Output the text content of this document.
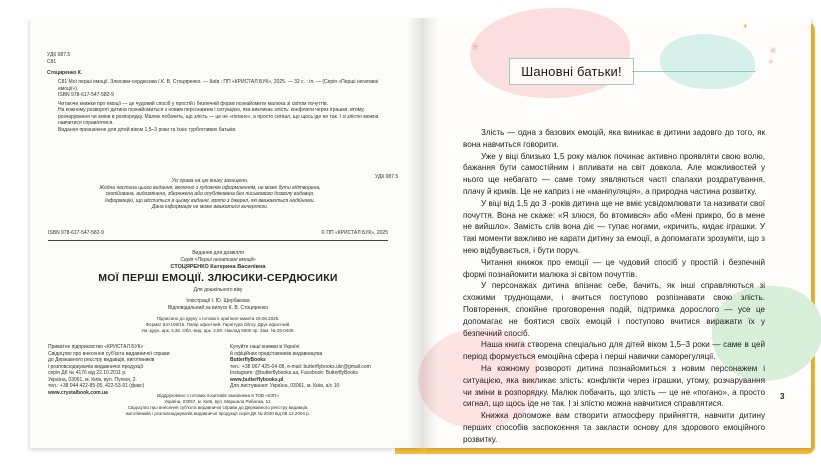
✳	✳
✳
✦

УДК 087.5

С81

Стоцяренко К.

С81 Мої перші емоції. Злюсики-сердюсики / К. В. Стоцяренко. — Київ : ПП «КРИСТАЛ БУК», 2025. — 32 с. : іл. — (Серія «Перші негативні емоції»).

ISBN 978-617-547-582-9

Читаючи книжки про емоції — це чудовий спосіб у простій і безпечній формі познайомити малюка зі світом почуттів.

На кожному розвороті дитина познайомиться з новим персонажем і ситуацією, яка викликає злість: конфлікти через іграшки, втому, розчарування чи зміни в розпорядку. Малюк побачить, що злість — це не «погано», а просто сигнал, що щось іде не так. І зі злістю можна навчитися справлятися.

Видання призначене для дітей віком 1,5–3 роки та їхніх турботливих батьків.

УДК 087.5

Усі права на цю книгу захищено.

Жодна частина цього видання, включно з художнім оформленням, не може бути відтворена,

скопійована, видозмінена, збережена або опублікована без письмового дозволу видавця.

Інформацію, що міститься в цьому виданні, взято з джерел, які вважаються надійними.

Дана інформація не може вважатися вичерпною.

ISBN 978-617-547-582-9	© ПП «КРИСТАЛ БУК», 2025

Видання для дозвілля

Серія «Перші негативні емоції»

СТОЦЯРЕНКО Катерина Василівна
МОЇ ПЕРШІ ЕМОЦІЇ. ЗЛЮСИКИ-СЕРДЮСИКИ
Для дошкільного віку

Ілюстрації І. Ю. Щербакова

Відповідальний за випуск К. В. Стоцяренко

Підписано до друку з готового оригінал-макета 19.06.2025.

Формат 84×108/16. Папір офсетний. Гарнітура Gilroy. Друк офсетний.

Ум.-друк. арк. 3,36. Обл.-вид. арк. 2,50. Наклад 5000 пр. Зам. № 25-0405.

Приватне підприємство «КРИСТАЛ БУК»

Свідоцтво про внесення суб'єкта видавничої справи

до Державного реєстру видавців, виготівників

і розповсюджувачів видавничої продукції

серія ДК № 4176 від 22.10.2011 р.

Україна, 03061, м. Київ, вул. Пулюя, 2.

тел.: +38 044 422-85-05, 422-53-91 (факс)

www.crystalbook.com.ua

Купуйте наші книжки в Україні

й офіційних представників видавництва

ButterflyBooks

тел.: +38 067 425-04-08, e-mail: butterflybooks.ukr@gmail.com

Instagram: @butterflybooks.ua, Facebook: ButterflyBooks

www.butterflybooks.pl

Для листування: Україна, 03061, м. Київ, а/с 10

Віддруковано з готових позитивів замовника в ТОВ «КЗП»

Україна, 03057, м. Київ, вул. Маршала Рибалка, 11.

Свідоцтво про внесення суб'єкта видавничої справи до Державного реєстру видавців,

виготівників і розповсюджувачів видавничої продукції серія ДК № 2040 від 08.12.2004 р.

Шановні батьки!

Злість — одна з базових емоцій, яка виникає в дитини задовго до того, як вона навчиться говорити.

Уже у віці близько 1,5 року малюк починає активно проявляти свою волю, бажання бути самостійним і впливати на світ довкола. Але можливостей у нього ще небагато — саме тому зявляються часті спалахи роздратування, плачу й криків. Це не каприз і не «маніпуляція», а природна частина розвитку.

У віці від 1,5 до 3 -років дитина ще не вміє усвідомлювати та називати свої почуття. Вона не скаже: «Я злюся, бо втомився» або «Мені прикро, бо в мене не вийшло». Замість слів вона діє — тупає ногами, «кричить, кидає іграшки. У такі моменти важливо не карати дитину за емоції, а допомагати зрозуміти, що з нею відбувається, і бути поруч.

Читання книжок про емоції — це чудовий спосіб у простій і безпечній формі познайомити малюка зі світом почуттів.

У персонажах дитина впізнає себе, бачить, як інші справляються зі схожими труднощами, і вчиться поступово розпізнавати свою злість. Повторення, спокійне проговорення подій, підтримка дорослого — усе це допомагає не боятися своїх емоцій і поступово вчитися виражати їх у безпечний спосіб.

Наша книга створена спеціально для дітей віком 1,5–3 роки — саме в цей період формується емоційна сфера і перші навички саморегуляції.

На кожному розвороті дитина познайомиться з новим персонажем і ситуацією, яка викликає злість: конфлікти через іграшки, утому, розчарування чи зміни в розпорядку. Малюк побачить, що злість — це не «погано», а просто сигнал, що щось іде не так. І зі злістю можна навчитися справлятися.

Книжка допоможе вам створити атмосферу прийняття, навчити дитину перших способів заспокоєння та закласти основу для здорового емоційного розвитку.

3
